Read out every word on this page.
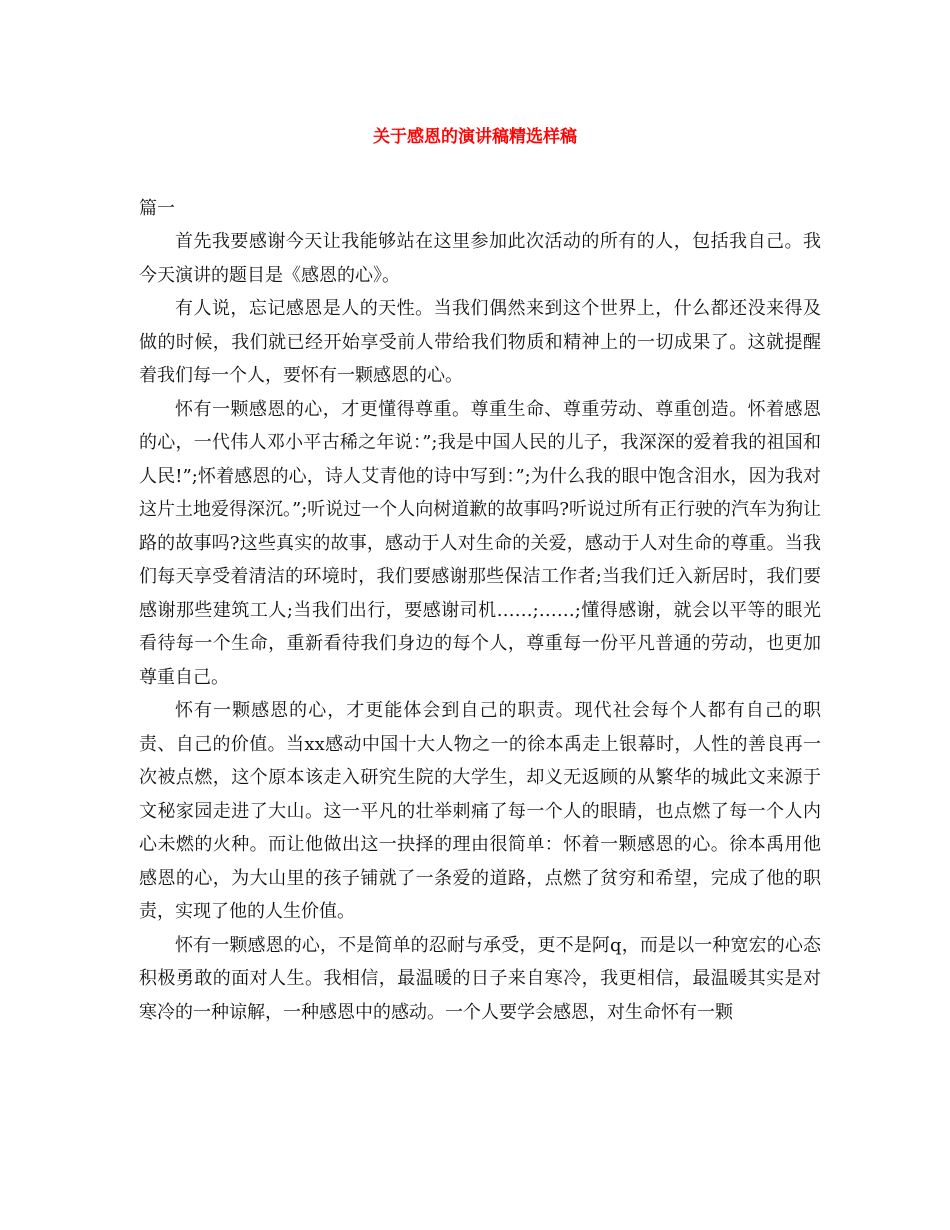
关于感恩的演讲稿精选样稿

篇一

首先我要感谢今天让我能够站在这里参加此次活动的所有的人，包括我自己。我今天演讲的题目是《感恩的心》。

有人说，忘记感恩是人的天性。当我们偶然来到这个世界上，什么都还没来得及做的时候，我们就已经开始享受前人带给我们物质和精神上的一切成果了。这就提醒着我们每一个人，要怀有一颗感恩的心。

怀有一颗感恩的心，才更懂得尊重。尊重生命、尊重劳动、尊重创造。怀着感恩的心，一代伟人邓小平古稀之年说：”;我是中国人民的儿子，我深深的爱着我的祖国和人民!”;怀着感恩的心，诗人艾青他的诗中写到：”;为什么我的眼中饱含泪水，因为我对这片土地爱得深沉。”;听说过一个人向树道歉的故事吗?听说过所有正行驶的汽车为狗让路的故事吗?这些真实的故事，感动于人对生命的关爱，感动于人对生命的尊重。当我们每天享受着清洁的环境时，我们要感谢那些保洁工作者;当我们迁入新居时，我们要感谢那些建筑工人;当我们出行，要感谢司机……;……;懂得感谢，就会以平等的眼光看待每一个生命，重新看待我们身边的每个人，尊重每一份平凡普通的劳动，也更加尊重自己。

怀有一颗感恩的心，才更能体会到自己的职责。现代社会每个人都有自己的职责、自己的价值。当xx感动中国十大人物之一的徐本禹走上银幕时，人性的善良再一次被点燃，这个原本该走入研究生院的大学生，却义无返顾的从繁华的城此文来源于文秘家园走进了大山。这一平凡的壮举刺痛了每一个人的眼睛，也点燃了每一个人内心未燃的火种。而让他做出这一抉择的理由很简单：怀着一颗感恩的心。徐本禹用他感恩的心，为大山里的孩子铺就了一条爱的道路，点燃了贫穷和希望，完成了他的职责，实现了他的人生价值。

怀有一颗感恩的心，不是简单的忍耐与承受，更不是阿q，而是以一种宽宏的心态积极勇敢的面对人生。我相信，最温暖的日子来自寒冷，我更相信，最温暖其实是对寒冷的一种谅解，一种感恩中的感动。一个人要学会感恩，对生命怀有一颗
